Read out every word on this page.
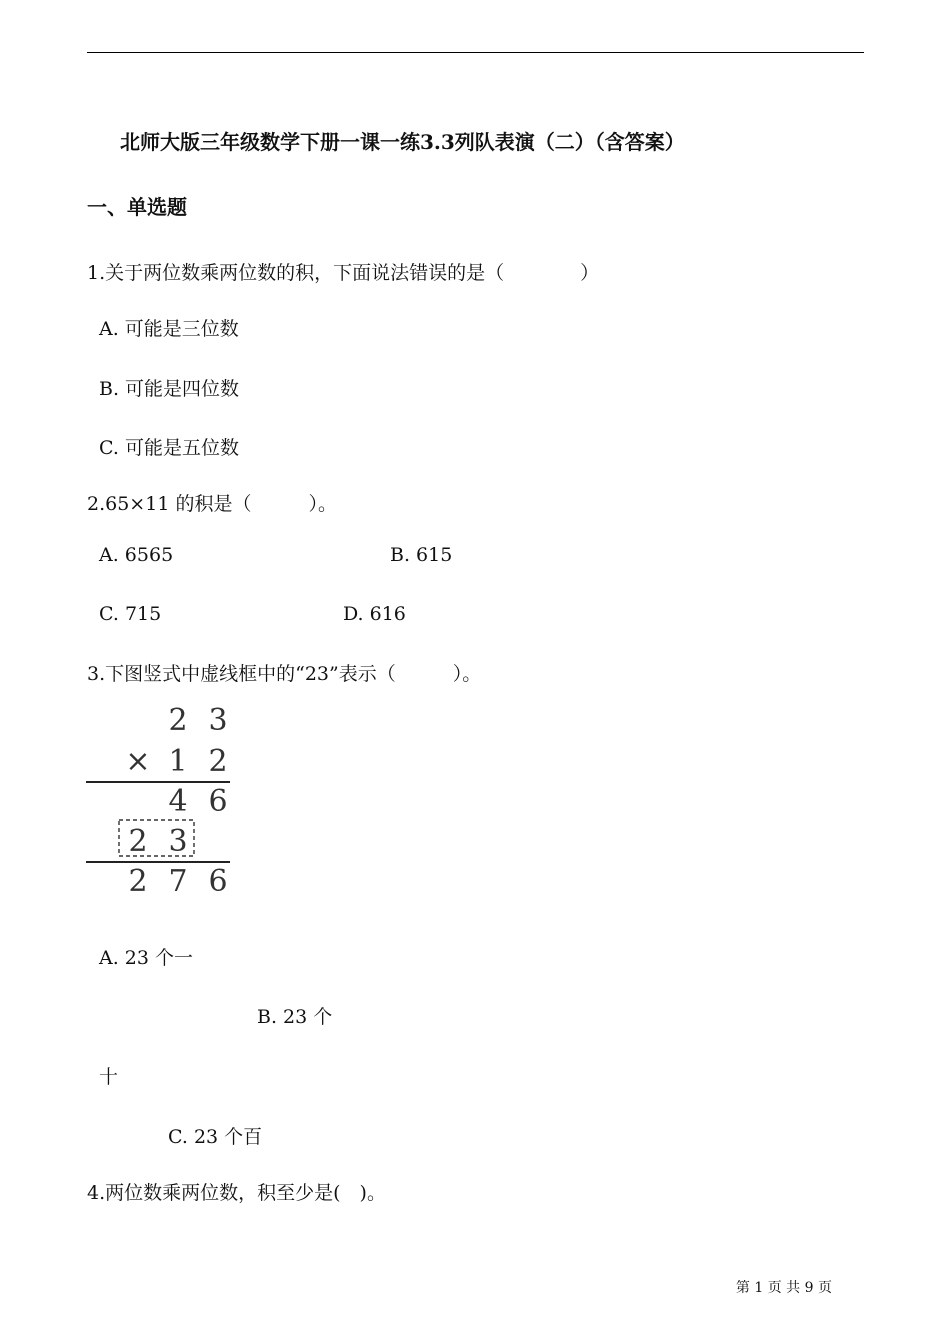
北师大版三年级数学下册一课一练3.3列队表演（二）（含答案）
一、单选题
1.关于两位数乘两位数的积，下面说法错误的是（　　　　）
A. 可能是三位数
B. 可能是四位数
C. 可能是五位数
2.65×11 的积是（　　　）。
A. 6565	B. 615
C. 715	D. 616
3.下图竖式中虚线框中的“23”表示（　　　）。
2 3
× 1 2
4 6
2 3
2 7 6
A. 23 个一
B. 23 个
十
C. 23 个百
4.两位数乘两位数，积至少是(　)。
第 1 页 共 9 页
